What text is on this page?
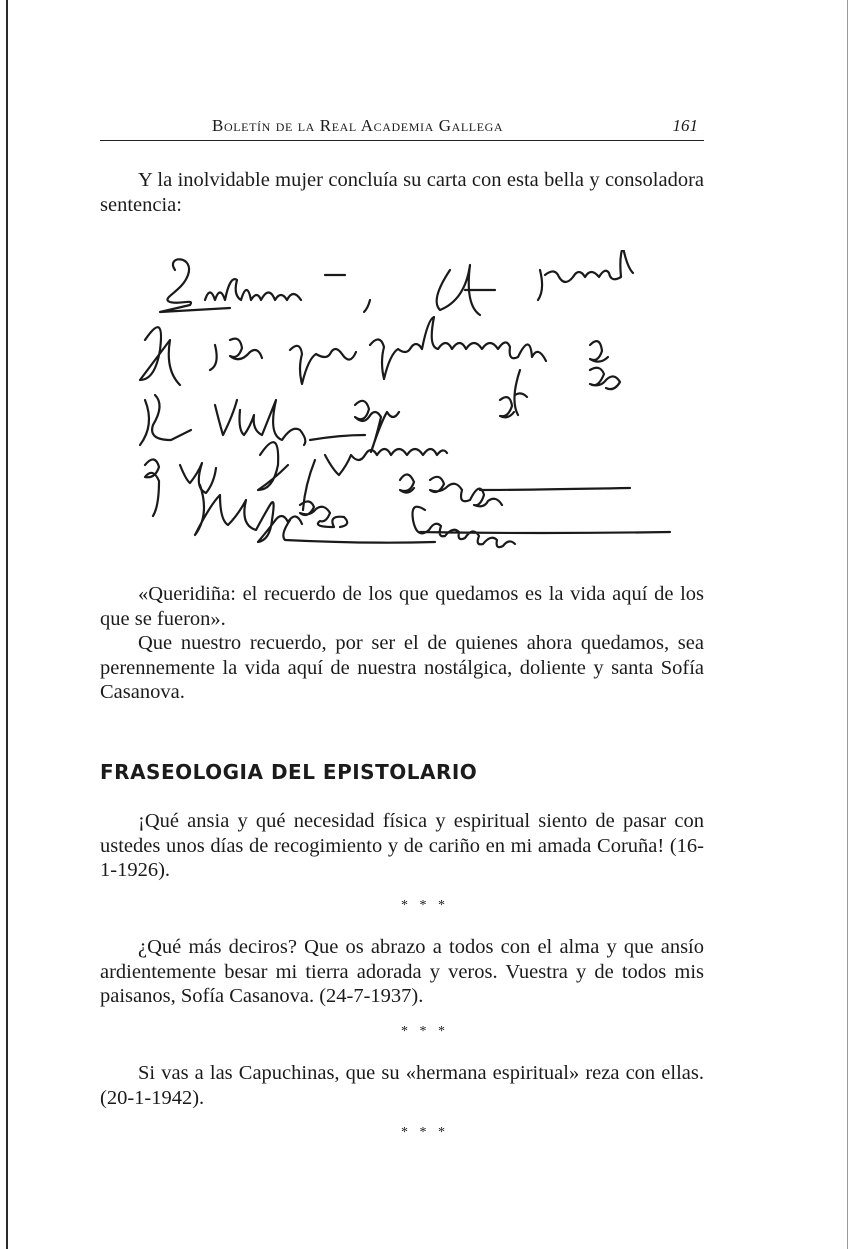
Boletín de la Real Academia Gallega	161

Y la inolvidable mujer concluía su carta con esta bella y consoladora sentencia:

«Queridiña: el recuerdo de los que quedamos es la vida aquí de los que se fueron».

Que nuestro recuerdo, por ser el de quienes ahora quedamos, sea perennemente la vida aquí de nuestra nostálgica, doliente y santa Sofía Casanova.

FRASEOLOGIA DEL EPISTOLARIO

¡Qué ansia y qué necesidad física y espiritual siento de pasar con ustedes unos días de recogimiento y de cariño en mi amada Coruña! (16-1-1926).

* * *

¿Qué más deciros? Que os abrazo a todos con el alma y que ansío ardientemente besar mi tierra adorada y veros. Vuestra y de todos mis paisanos, Sofía Casanova. (24-7-1937).

* * *

Si vas a las Capuchinas, que su «hermana espiritual» reza con ellas. (20-1-1942).

* * *
